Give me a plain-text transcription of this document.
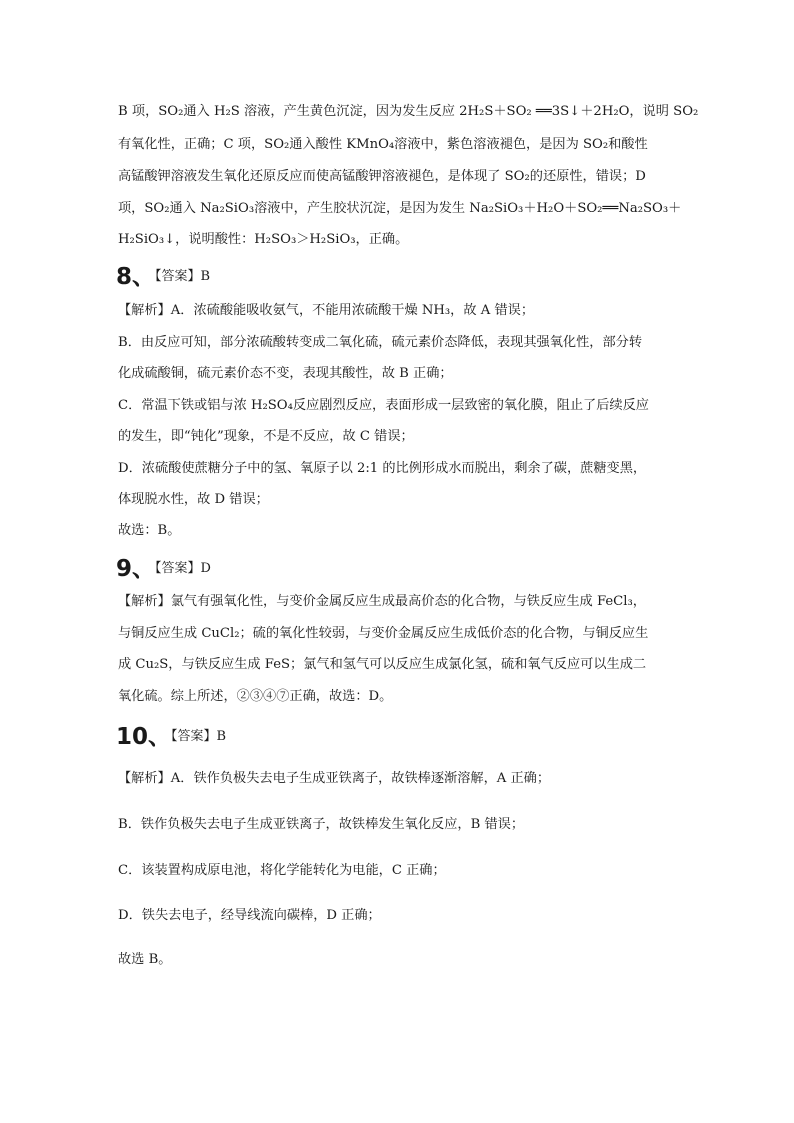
B 项，SO₂通入 H₂S 溶液，产生黄色沉淀，因为发生反应 2H₂S＋SO₂ ══3S↓＋2H₂O，说明 SO₂
有氧化性，正确；C 项，SO₂通入酸性 KMnO₄溶液中，紫色溶液褪色，是因为 SO₂和酸性
高锰酸钾溶液发生氧化还原反应而使高锰酸钾溶液褪色，是体现了 SO₂的还原性，错误；D
项，SO₂通入 Na₂SiO₃溶液中，产生胶状沉淀，是因为发生 Na₂SiO₃＋H₂O＋SO₂══Na₂SO₃＋
H₂SiO₃↓，说明酸性：H₂SO₃＞H₂SiO₃，正确。
8、$^{【答案】B}$
【解析】A．浓硫酸能吸收氨气，不能用浓硫酸干燥 NH₃，故 A 错误；
B．由反应可知，部分浓硫酸转变成二氧化硫，硫元素价态降低，表现其强氧化性，部分转
化成硫酸铜，硫元素价态不变，表现其酸性，故 B 正确；
C．常温下铁或铝与浓 H₂SO₄反应剧烈反应，表面形成一层致密的氧化膜，阻止了后续反应
的发生，即“钝化”现象，不是不反应，故 C 错误；
D．浓硫酸使蔗糖分子中的氢、氧原子以 2:1 的比例形成水而脱出，剩余了碳，蔗糖变黑，
体现脱水性，故 D 错误；
故选：B。
9、$^{【答案】D}$
【解析】氯气有强氧化性，与变价金属反应生成最高价态的化合物，与铁反应生成 FeCl₃，
与铜反应生成 CuCl₂；硫的氧化性较弱，与变价金属反应生成低价态的化合物，与铜反应生
成 Cu₂S，与铁反应生成 FeS；氯气和氢气可以反应生成氯化氢，硫和氧气反应可以生成二
氧化硫。综上所述，②③④⑦正确，故选：D。
10、$^{【答案】B}$
【解析】A．铁作负极失去电子生成亚铁离子，故铁棒逐渐溶解，A 正确；
B．铁作负极失去电子生成亚铁离子，故铁棒发生氧化反应，B 错误；
C．该装置构成原电池，将化学能转化为电能，C 正确；
D．铁失去电子，经导线流向碳棒，D 正确；
故选 B。
